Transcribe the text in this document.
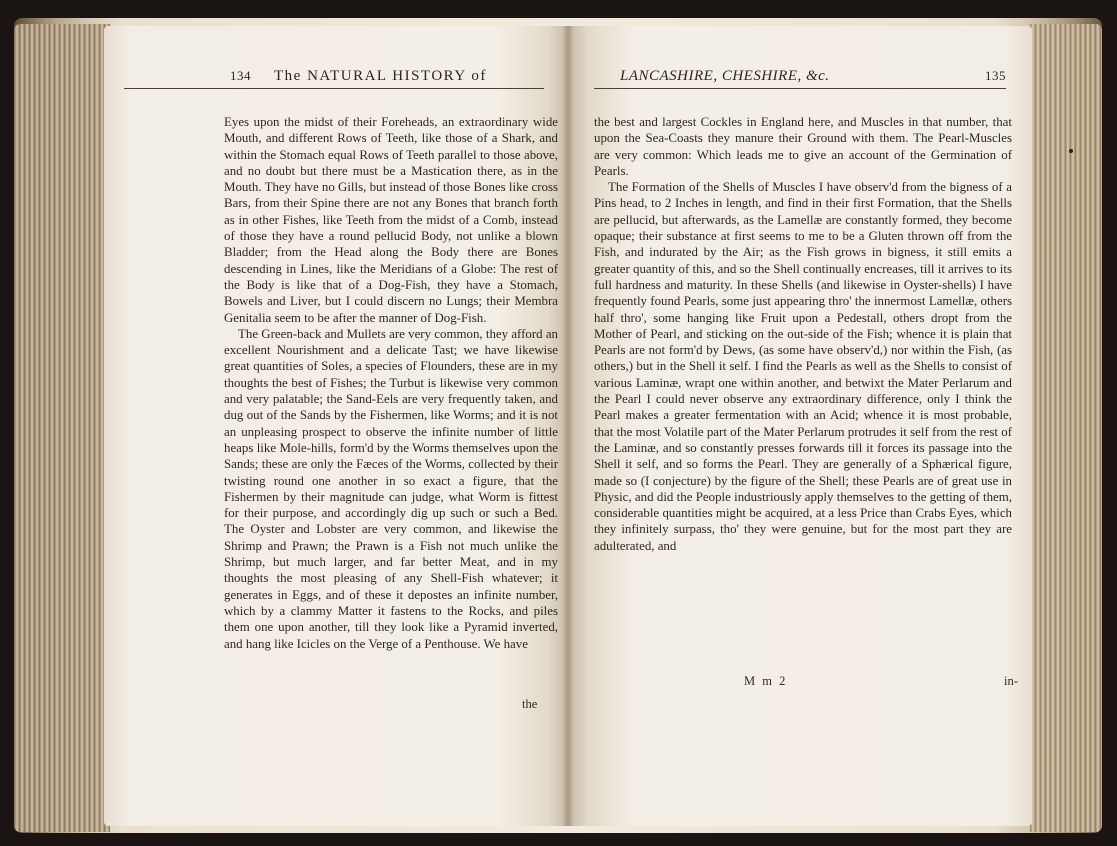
134 The NATURAL HISTORY of	LANCASHIRE, CHESHIRE, &c.	135

Eyes upon the midst of their Foreheads, an extraordinary wide Mouth, and different Rows of Teeth, like those of a Shark, and within the Stomach equal Rows of Teeth parallel to those above, and no doubt but there must be a Mastication there, as in the Mouth. They have no Gills, but instead of those Bones like cross Bars, from their Spine there are not any Bones that branch forth as in other Fishes, like Teeth from the midst of a Comb, instead of those they have a round pellucid Body, not unlike a blown Bladder; from the Head along the Body there are Bones descending in Lines, like the Meridians of a Globe: The rest of the Body is like that of a Dog-Fish, they have a Stomach, Bowels and Liver, but I could discern no Lungs; their Membra Genitalia seem to be after the manner of Dog-Fish.

The Green-back and Mullets are very common, they afford an excellent Nourishment and a delicate Tast; we have likewise great quantities of Soles, a species of Flounders, these are in my thoughts the best of Fishes; the Turbut is likewise very common and very palatable; the Sand-Eels are very frequently taken, and dug out of the Sands by the Fishermen, like Worms; and it is not an unpleasing prospect to observe the infinite number of little heaps like Mole-hills, form'd by the Worms themselves upon the Sands; these are only the Fæces of the Worms, collected by their twisting round one another in so exact a figure, that the Fishermen by their magnitude can judge, what Worm is fittest for their purpose, and accordingly dig up such or such a Bed. The Oyster and Lobster are very common, and likewise the Shrimp and Prawn; the Prawn is a Fish not much unlike the Shrimp, but much larger, and far better Meat, and in my thoughts the most pleasing of any Shell-Fish whatever; it generates in Eggs, and of these it depostes an infinite number, which by a clammy Matter it fastens to the Rocks, and piles them one upon another, till they look like a Pyramid inverted, and hang like Icicles on the Verge of a Penthouse. We have

the

the best and largest Cockles in England here, and Muscles in that number, that upon the Sea-Coasts they manure their Ground with them. The Pearl-Muscles are very common: Which leads me to give an account of the Germination of Pearls.

The Formation of the Shells of Muscles I have observ'd from the bigness of a Pins head, to 2 Inches in length, and find in their first Formation, that the Shells are pellucid, but afterwards, as the Lamellæ are constantly formed, they become opaque; their substance at first seems to me to be a Gluten thrown off from the Fish, and indurated by the Air; as the Fish grows in bigness, it still emits a greater quantity of this, and so the Shell continually encreases, till it arrives to its full hardness and maturity. In these Shells (and likewise in Oyster-shells) I have frequently found Pearls, some just appearing thro' the innermost Lamellæ, others half thro', some hanging like Fruit upon a Pedestall, others dropt from the Mother of Pearl, and sticking on the out-side of the Fish; whence it is plain that Pearls are not form'd by Dews, (as some have observ'd,) nor within the Fish, (as others,) but in the Shell it self. I find the Pearls as well as the Shells to consist of various Laminæ, wrapt one within another, and betwixt the Mater Perlarum and the Pearl I could never observe any extraordinary difference, only I think the Pearl makes a greater fermentation with an Acid; whence it is most probable, that the most Volatile part of the Mater Perlarum protrudes it self from the rest of the Laminæ, and so constantly presses forwards till it forces its passage into the Shell it self, and so forms the Pearl. They are generally of a Sphærical figure, made so (I conjecture) by the figure of the Shell; these Pearls are of great use in Physic, and did the People industriously apply themselves to the getting of them, considerable quantities might be acquired, at a less Price than Crabs Eyes, which they infinitely surpass, tho' they were genuine, but for the most part they are adulterated, and

M m 2	in-
